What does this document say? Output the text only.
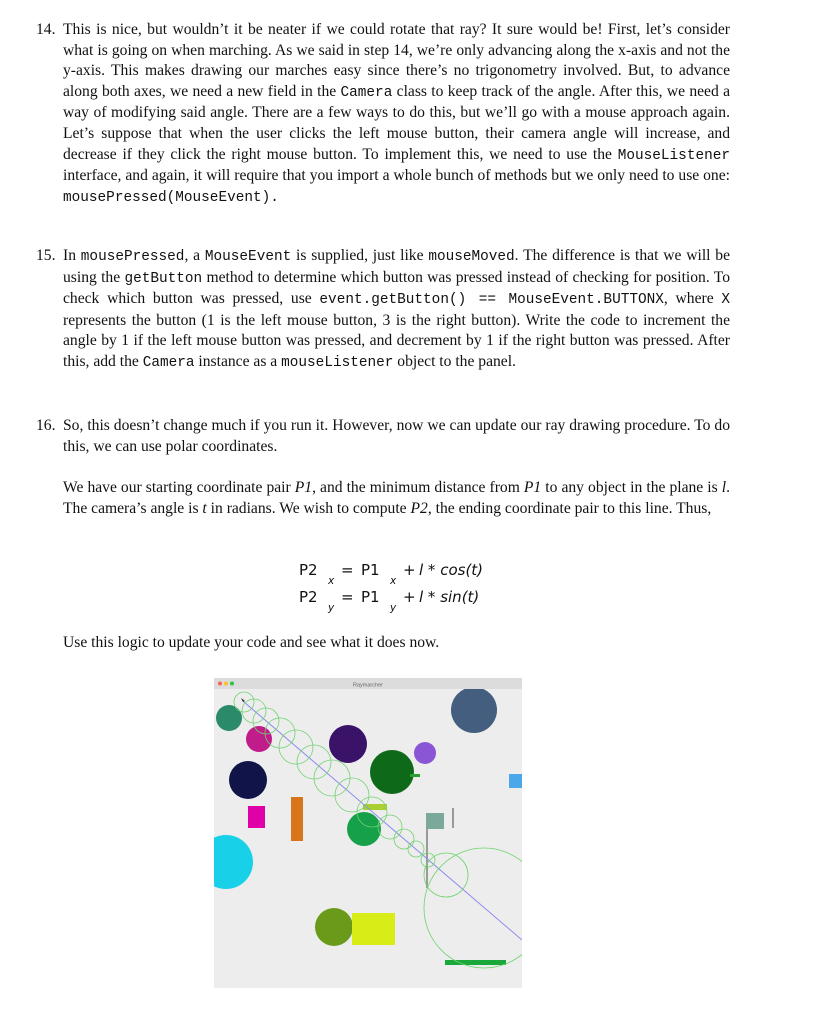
14. This is nice, but wouldn’t it be neater if we could rotate that ray? It sure would be! First, let’s consider what is going on when marching. As we said in step 14, we’re only advancing along the x-axis and not the y-axis. This makes drawing our marches easy since there’s no trigonometry involved. But, to advance along both axes, we need a new field in the Camera class to keep track of the angle. After this, we need a way of modifying said angle. There are a few ways to do this, but we’ll go with a mouse approach again. Let’s suppose that when the user clicks the left mouse button, their camera angle will increase, and decrease if they click the right mouse button. To implement this, we need to use the MouseListener interface, and again, it will require that you import a whole bunch of methods but we only need to use one: mousePressed(MouseEvent).

15. In mousePressed, a MouseEvent is supplied, just like mouseMoved. The difference is that we will be using the getButton method to determine which button was pressed instead of checking for position. To check which button was pressed, use event.getButton() == MouseEvent.BUTTONX, where X represents the button (1 is the left mouse button, 3 is the right button). Write the code to increment the angle by 1 if the left mouse button was pressed, and decrement by 1 if the right button was pressed. After this, add the Camera instance as a mouseListener object to the panel.

16. So, this doesn’t change much if you run it. However, now we can update our ray drawing procedure. To do this, we can use polar coordinates.

We have our starting coordinate pair P1, and the minimum distance from P1 to any object in the plane is l. The camera’s angle is t in radians. We wish to compute P2, the ending coordinate pair to this line. Thus,

P2
x
= P1
x
+ l * cos(t)
P2
y
= P1
y
+ l * sin(t)

Use this logic to update your code and see what it does now.

Raymarcher
